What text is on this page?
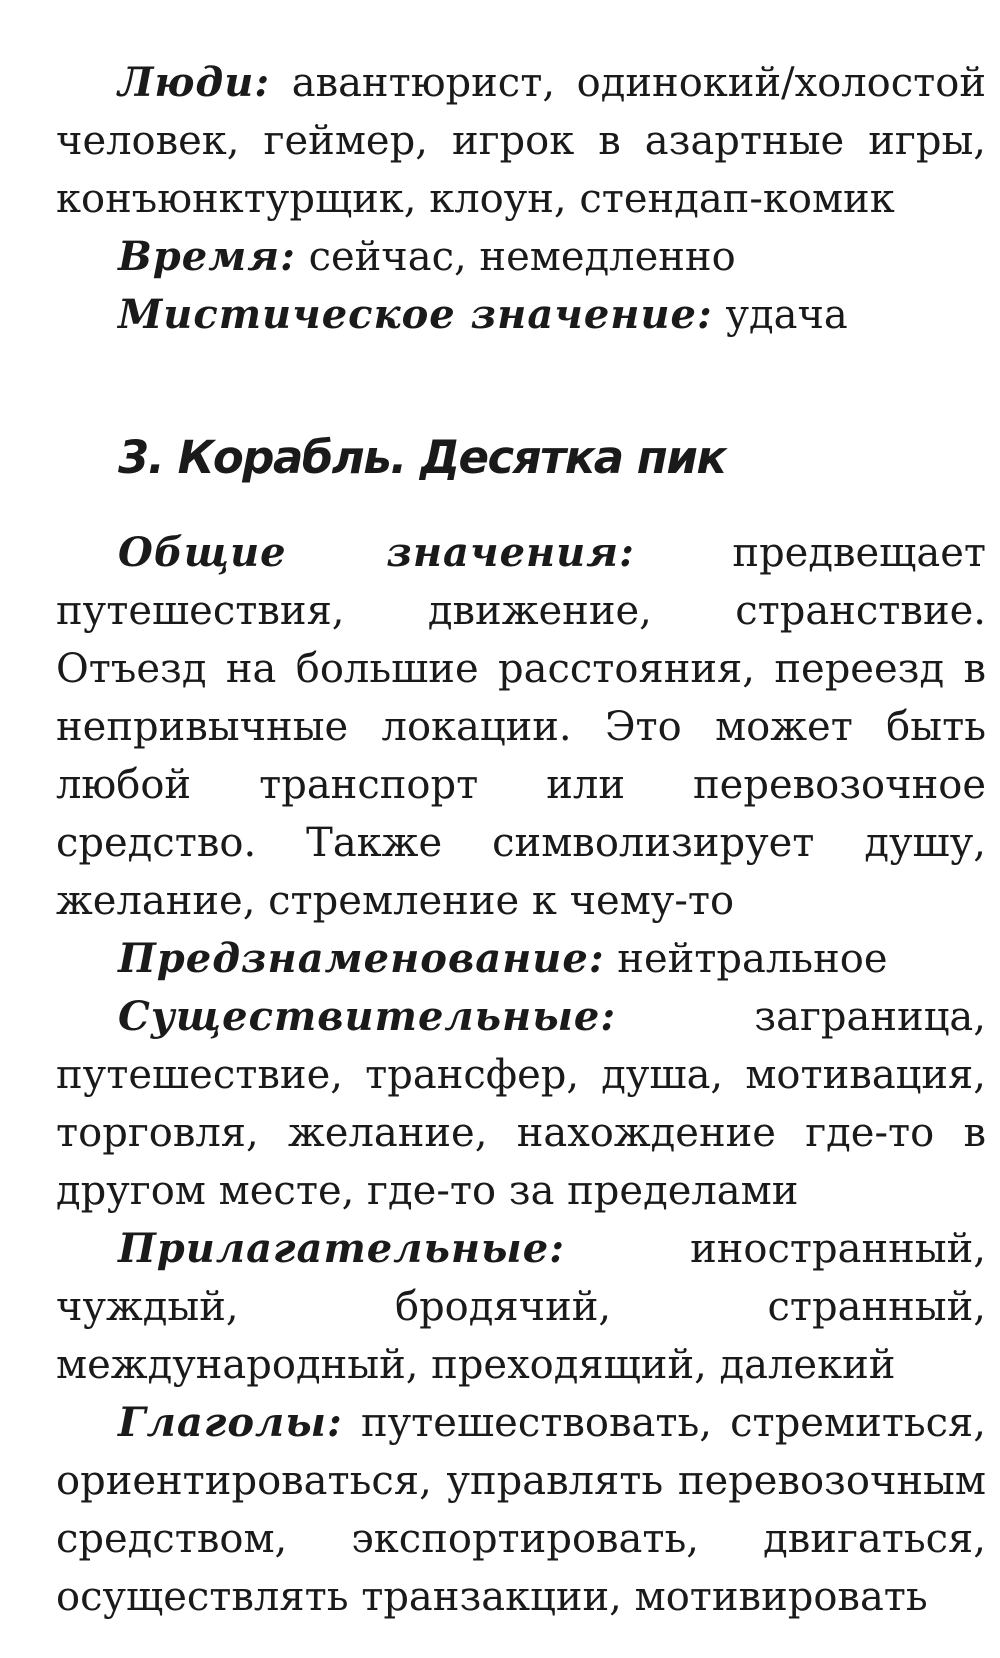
Люди: авантюрист, одинокий/холостой человек, геймер, игрок в азартные игры, конъюнктурщик, клоун, стендап-комик

Время: сейчас, немедленно

Мистическое значение: удача

3. Корабль. Десятка пик

Общие значения: предвещает путешествия, движение, странствие. Отъезд на большие расстояния, переезд в непривычные локации. Это может быть любой транспорт или перевозочное средство. Также символизирует душу, желание, стремление к чему-то

Предзнаменование: нейтральное

Существительные: заграница, путешествие, трансфер, душа, мотивация, торговля, желание, нахождение где-то в другом месте, где-то за пределами

Прилагательные: иностранный, чуждый, бродячий, странный, международный, преходящий, далекий

Глаголы: путешествовать, стремиться, ориентироваться, управлять перевозочным средством, экспортировать, двигаться, осуществлять транзакции, мотивировать
